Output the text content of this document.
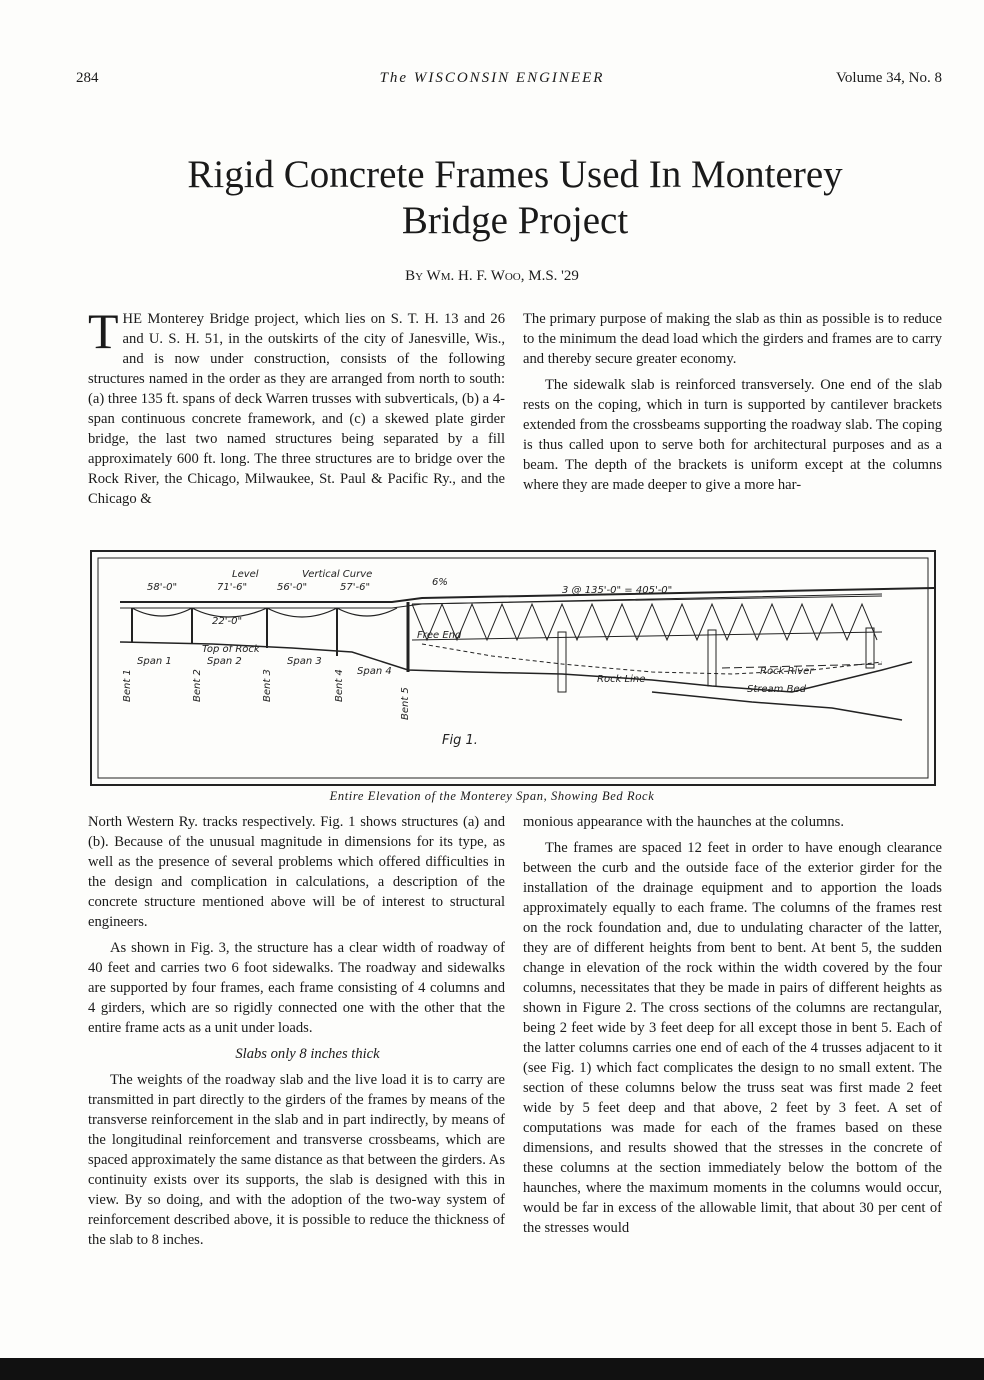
284	The WISCONSIN ENGINEER	Volume 34, No. 8
Rigid Concrete Frames Used In Monterey
Bridge Project
By Wm. H. F. Woo, M.S. '29

THE Monterey Bridge project, which lies on S. T. H. 13 and 26 and U. S. H. 51, in the outskirts of the city of Janesville, Wis., and is now under construction, consists of the following structures named in the order as they are arranged from north to south: (a) three 135 ft. spans of deck Warren trusses with subverticals, (b) a 4-span continuous concrete framework, and (c) a skewed plate girder bridge, the last two named structures being separated by a fill approximately 600 ft. long. The three structures are to bridge over the Rock River, the Chicago, Milwaukee, St. Paul & Pacific Ry., and the Chicago &

The primary purpose of making the slab as thin as possible is to reduce to the minimum the dead load which the girders and frames are to carry and thereby secure greater economy.

The sidewalk slab is reinforced transversely. One end of the slab rests on the coping, which in turn is supported by cantilever brackets extended from the crossbeams supporting the roadway slab. The coping is thus called upon to serve both for architectural purposes and as a beam. The depth of the brackets is uniform except at the columns where they are made deeper to give a more har-

Level	Vertical Curve
6%
58'-0"	71'-6"	56'-0"	57'-6"	3 @ 135'-0" = 405'-0"
22'-0"
Free End
Top of Rock
Span 1	Span 2	Span 3
Span 4
Bent 1	Bent 2	Bent 3	Bent 4
Bent 5
Rock Line
Rock River
Stream Bed
Fig 1.
Entire Elevation of the Monterey Span, Showing Bed Rock

North Western Ry. tracks respectively. Fig. 1 shows structures (a) and (b). Because of the unusual magnitude in dimensions for its type, as well as the presence of several problems which offered difficulties in the design and complication in calculations, a description of the concrete structure mentioned above will be of interest to structural engineers.

As shown in Fig. 3, the structure has a clear width of roadway of 40 feet and carries two 6 foot sidewalks. The roadway and sidewalks are supported by four frames, each frame consisting of 4 columns and 4 girders, which are so rigidly connected one with the other that the entire frame acts as a unit under loads.

Slabs only 8 inches thick

The weights of the roadway slab and the live load it is to carry are transmitted in part directly to the girders of the frames by means of the transverse reinforcement in the slab and in part indirectly, by means of the longitudinal reinforcement and transverse crossbeams, which are spaced approximately the same distance as that between the girders. As continuity exists over its supports, the slab is designed with this in view. By so doing, and with the adoption of the two-way system of reinforcement described above, it is possible to reduce the thickness of the slab to 8 inches.

monious appearance with the haunches at the columns.

The frames are spaced 12 feet in order to have enough clearance between the curb and the outside face of the exterior girder for the installation of the drainage equipment and to apportion the loads approximately equally to each frame. The columns of the frames rest on the rock foundation and, due to undulating character of the latter, they are of different heights from bent to bent. At bent 5, the sudden change in elevation of the rock within the width covered by the four columns, necessitates that they be made in pairs of different heights as shown in Figure 2. The cross sections of the columns are rectangular, being 2 feet wide by 3 feet deep for all except those in bent 5. Each of the latter columns carries one end of each of the 4 trusses adjacent to it (see Fig. 1) which fact complicates the design to no small extent. The section of these columns below the truss seat was first made 2 feet wide by 5 feet deep and that above, 2 feet by 3 feet. A set of computations was made for each of the frames based on these dimensions, and results showed that the stresses in the concrete of these columns at the section immediately below the bottom of the haunches, where the maximum moments in the columns would occur, would be far in excess of the allowable limit, that about 30 per cent of the stresses would
